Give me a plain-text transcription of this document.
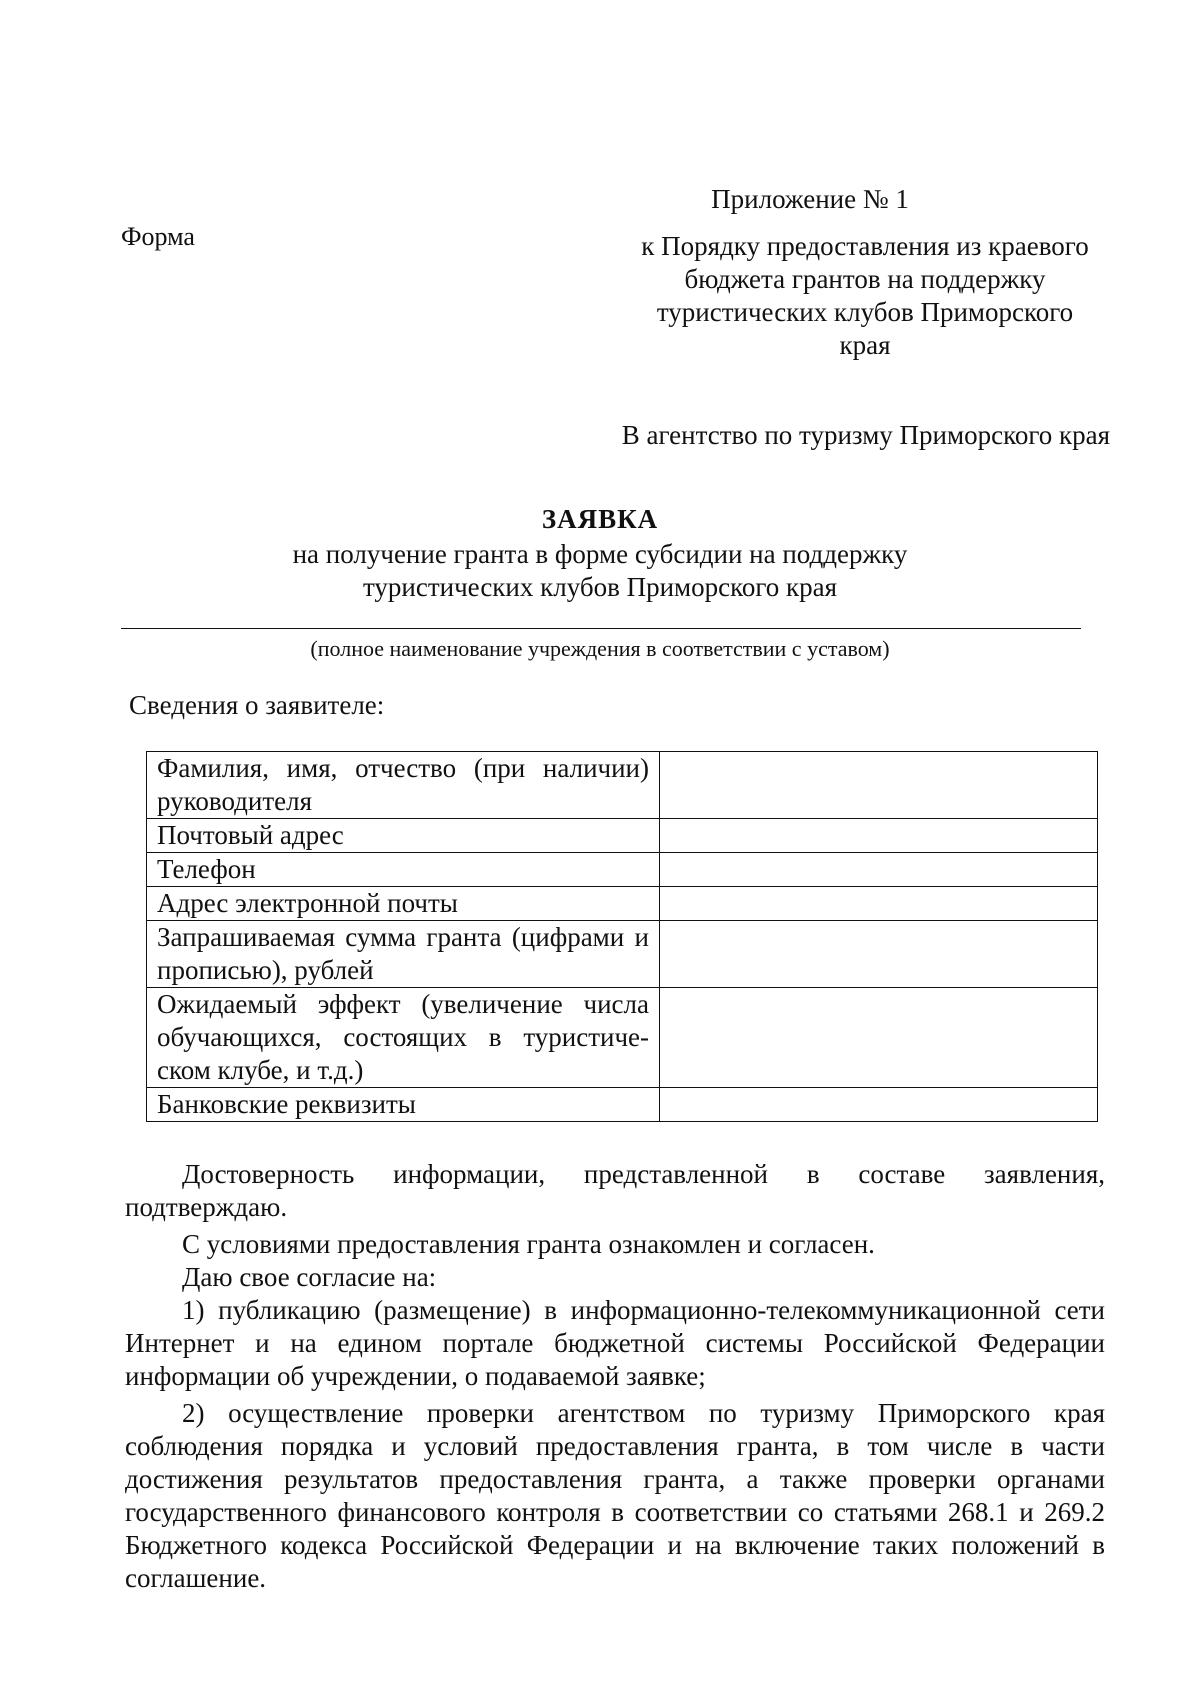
Форма
Приложение № 1
к Порядку предоставления из краевого
бюджета грантов на поддержку
туристических клубов Приморского
края
В агентство по туризму Приморского края
ЗАЯВКА
на получение гранта в форме субсидии на поддержку
туристических клубов Приморского края
(полное наименование учреждения в соответствии с уставом)
Сведения о заявителе:
Фамилия, имя, отчество (при наличии) руководителя	
Почтовый адрес	
Телефон	
Адрес электронной почты	
Запрашиваемая сумма гранта (цифрами и прописью), рублей	
Ожидаемый эффект (увеличение числа обучающихся, состоящих в туристиче-ском клубе, и т.д.)	
Банковские реквизиты	

Достоверность информации, представленной в составе заявления, подтверждаю.

С условиями предоставления гранта ознакомлен и согласен.

Даю свое согласие на:

1) публикацию (размещение) в информационно-телекоммуникационной сети Интернет и на едином портале бюджетной системы Российской Федерации информации об учреждении, о подаваемой заявке;

2) осуществление проверки агентством по туризму Приморского края соблюдения порядка и условий предоставления гранта, в том числе в части достижения результатов предоставления гранта, а также проверки органами государственного финансового контроля в соответствии со статьями 268.1 и 269.2 Бюджетного кодекса Российской Федерации и на включение таких положений в соглашение.
